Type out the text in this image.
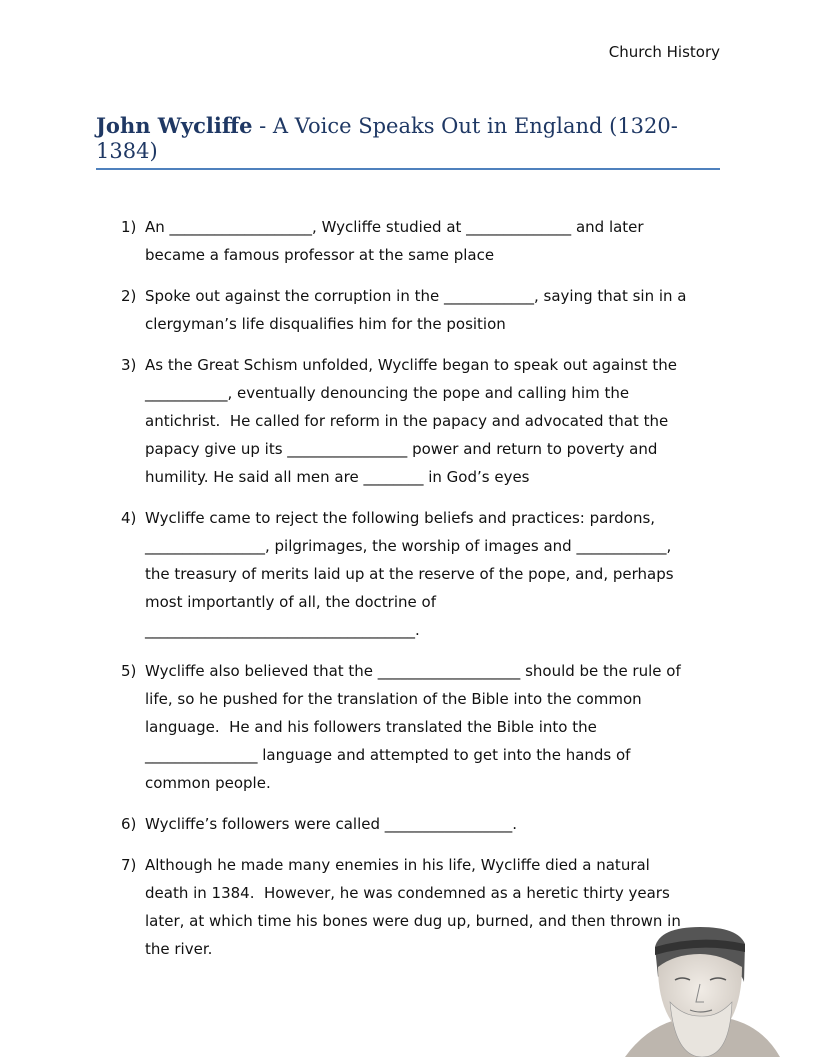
Church History
John Wycliffe - A Voice Speaks Out in England (1320-1384)
1) An ___________________, Wycliffe studied at ______________ and later
became a famous professor at the same place
2) Spoke out against the corruption in the ____________, saying that sin in a
clergyman’s life disqualifies him for the position
3) As the Great Schism unfolded, Wycliffe began to speak out against the
___________, eventually denouncing the pope and calling him the
antichrist.  He called for reform in the papacy and advocated that the
papacy give up its ________________ power and return to poverty and
humility. He said all men are ________ in God’s eyes
4) Wycliffe came to reject the following beliefs and practices: pardons,
________________, pilgrimages, the worship of images and ____________,
the treasury of merits laid up at the reserve of the pope, and, perhaps
most importantly of all, the doctrine of
____________________________________.
5) Wycliffe also believed that the ___________________ should be the rule of
life, so he pushed for the translation of the Bible into the common
language.  He and his followers translated the Bible into the
_______________ language and attempted to get into the hands of
common people.
6) Wycliffe’s followers were called _________________.
7) Although he made many enemies in his life, Wycliffe died a natural
death in 1384.  However, he was condemned as a heretic thirty years
later, at which time his bones were dug up, burned, and then thrown in
the river.
